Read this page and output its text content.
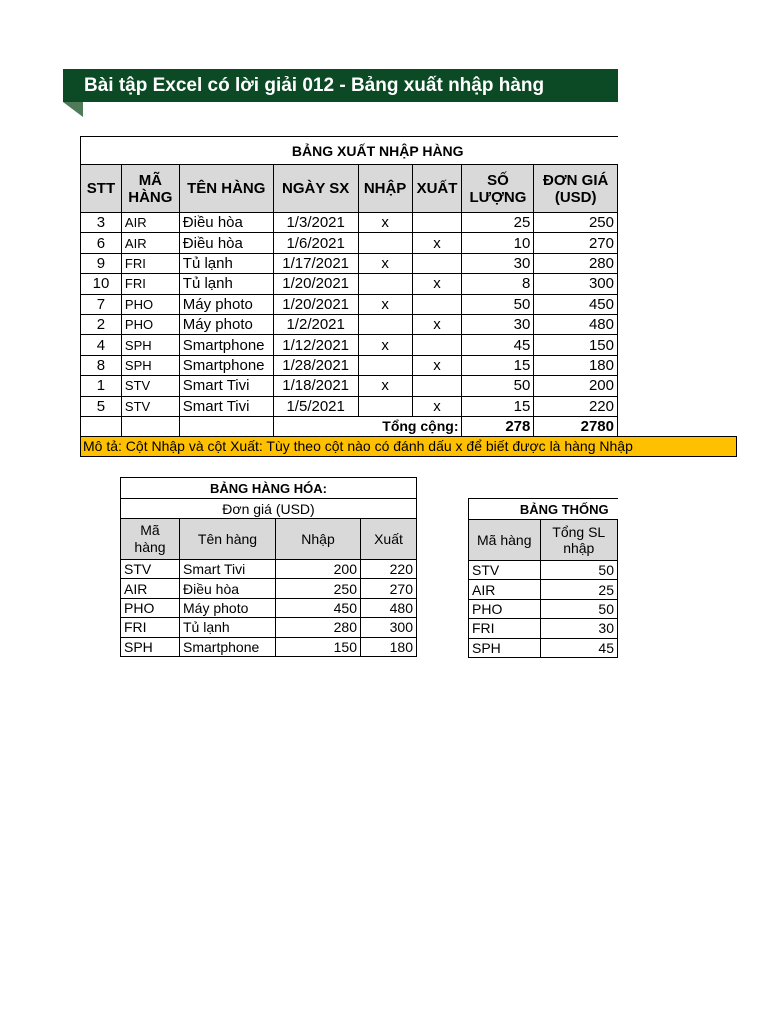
Bài tập Excel có lời giải 012 - Bảng xuất nhập hàng
BẢNG XUẤT NHẬP HÀNG							
STT	MÃ HÀNG	TÊN HÀNG	NGÀY SX	NHẬP	XUẤT	SỐ LƯỢNG	ĐƠN GIÁ (USD)
3	AIR	Điều hòa	1/3/2021	x		25	250
6	AIR	Điều hòa	1/6/2021		x	10	270
9	FRI	Tủ lạnh	1/17/2021	x		30	280
10	FRI	Tủ lạnh	1/20/2021		x	8	300
7	PHO	Máy photo	1/20/2021	x		50	450
2	PHO	Máy photo	1/2/2021		x	30	480
4	SPH	Smartphone	1/12/2021	x		45	150
8	SPH	Smartphone	1/28/2021		x	15	180
1	STV	Smart Tivi	1/18/2021	x		50	200
5	STV	Smart Tivi	1/5/2021		x	15	220
			Tổng cộng:			278	2780
Mô tả: Cột Nhập và cột Xuất: Tùy theo cột nào có đánh dấu x để biết được là hàng Nhập
BẢNG HÀNG HÓA:			
Đơn giá (USD)			
Mã hàng	Tên hàng	Nhập	Xuất
STV	Smart Tivi	200	220
AIR	Điều hòa	250	270
PHO	Máy photo	450	480
FRI	Tủ lạnh	280	300
SPH	Smartphone	150	180
BẢNG THỐNG	
Mã hàng	Tổng SL nhập
STV	50
AIR	25
PHO	50
FRI	30
SPH	45
